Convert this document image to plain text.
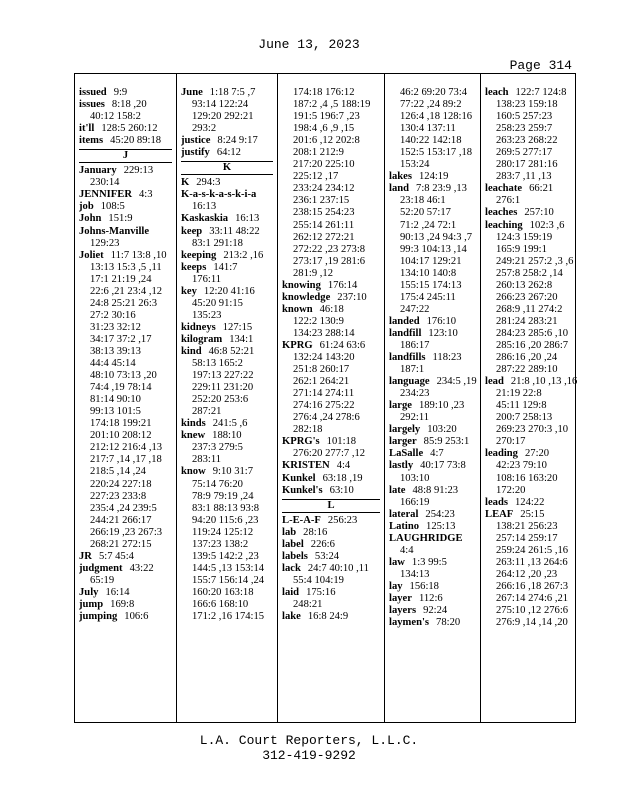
June 13, 2023
Page 314
issued 9:9
issues 8:18 ,20
40:12 158:2
it'll 128:5 260:12
items 45:20 89:18
J
January 229:13
230:14
JENNIFER 4:3
job 108:5
John 151:9
Johns-Manville
129:23
Joliet 11:7 13:8 ,10
13:13 15:3 ,5 ,11
17:1 21:19 ,24
22:6 ,21 23:4 ,12
24:8 25:21 26:3
27:2 30:16
31:23 32:12
34:17 37:2 ,17
38:13 39:13
44:4 45:14
48:10 73:13 ,20
74:4 ,19 78:14
81:14 90:10
99:13 101:5
174:18 199:21
201:10 208:12
212:12 216:4 ,13
217:7 ,14 ,17 ,18
218:5 ,14 ,24
220:24 227:18
227:23 233:8
235:4 ,24 239:5
244:21 266:17
266:19 ,23 267:3
268:21 272:15
JR 5:7 45:4
judgment 43:22
65:19
July 16:14
jump 169:8
jumping 106:6
June 1:18 7:5 ,7
93:14 122:24
129:20 292:21
293:2
justice 8:24 9:17
justify 64:12
K
K 294:3
K-a-s-k-a-s-k-i-a
16:13
Kaskaskia 16:13
keep 33:11 48:22
83:1 291:18
keeping 213:2 ,16
keeps 141:7
176:11
key 12:20 41:16
45:20 91:15
135:23
kidneys 127:15
kilogram 134:1
kind 46:8 52:21
58:13 165:2
197:13 227:22
229:11 231:20
252:20 253:6
287:21
kinds 241:5 ,6
knew 188:10
237:3 279:5
283:11
know 9:10 31:7
75:14 76:20
78:9 79:19 ,24
83:1 88:13 93:8
94:20 115:6 ,23
119:24 125:12
137:23 138:2
139:5 142:2 ,23
144:5 ,13 153:14
155:7 156:14 ,24
160:20 163:18
166:6 168:10
171:2 ,16 174:15
174:18 176:12
187:2 ,4 ,5 188:19
191:5 196:7 ,23
198:4 ,6 ,9 ,15
201:6 ,12 202:8
208:1 212:9
217:20 225:10
225:12 ,17
233:24 234:12
236:1 237:15
238:15 254:23
255:14 261:11
262:12 272:21
272:22 ,23 273:8
273:17 ,19 281:6
281:9 ,12
knowing 176:14
knowledge 237:10
known 46:18
122:2 130:9
134:23 288:14
KPRG 61:24 63:6
132:24 143:20
251:8 260:17
262:1 264:21
271:14 274:11
274:16 275:22
276:4 ,24 278:6
282:18
KPRG's 101:18
276:20 277:7 ,12
KRISTEN 4:4
Kunkel 63:18 ,19
Kunkel's 63:10
L
L-E-A-F 256:23
lab 28:16
label 226:6
labels 53:24
lack 24:7 40:10 ,11
55:4 104:19
laid 175:16
248:21
lake 16:8 24:9
46:2 69:20 73:4
77:22 ,24 89:2
126:4 ,18 128:16
130:4 137:11
140:22 142:18
152:5 153:17 ,18
153:24
lakes 124:19
land 7:8 23:9 ,13
23:18 46:1
52:20 57:17
71:2 ,24 72:1
90:13 ,24 94:3 ,7
99:3 104:13 ,14
104:17 129:21
134:10 140:8
155:15 174:13
175:4 245:11
247:22
landed 176:10
landfill 123:10
186:17
landfills 118:23
187:1
language 234:5 ,19
234:23
large 189:10 ,23
292:11
largely 103:20
larger 85:9 253:1
LaSalle 4:7
lastly 40:17 73:8
103:10
late 48:8 91:23
166:19
lateral 254:23
Latino 125:13
LAUGHRIDGE
4:4
law 1:3 99:5
134:13
lay 156:18
layer 112:6
layers 92:24
laymen's 78:20
leach 122:7 124:8
138:23 159:18
160:5 257:23
258:23 259:7
263:23 268:22
269:5 277:17
280:17 281:16
283:7 ,11 ,13
leachate 66:21
276:1
leaches 257:10
leaching 102:3 ,6
124:3 159:19
165:9 199:1
249:21 257:2 ,3 ,6
257:8 258:2 ,14
260:13 262:8
266:23 267:20
268:9 ,11 274:2
281:24 283:21
284:23 285:6 ,10
285:16 ,20 286:7
286:16 ,20 ,24
287:22 289:10
lead 21:8 ,10 ,13 ,16
21:19 22:8
45:11 129:8
200:7 258:13
269:23 270:3 ,10
270:17
leading 27:20
42:23 79:10
108:16 163:20
172:20
leads 124:22
LEAF 25:15
138:21 256:23
257:14 259:17
259:24 261:5 ,16
263:11 ,13 264:6
264:12 ,20 ,23
266:16 ,18 267:3
267:14 274:6 ,21
275:10 ,12 276:6
276:9 ,14 ,14 ,20
L.A. Court Reporters, L.L.C.
312-419-9292
